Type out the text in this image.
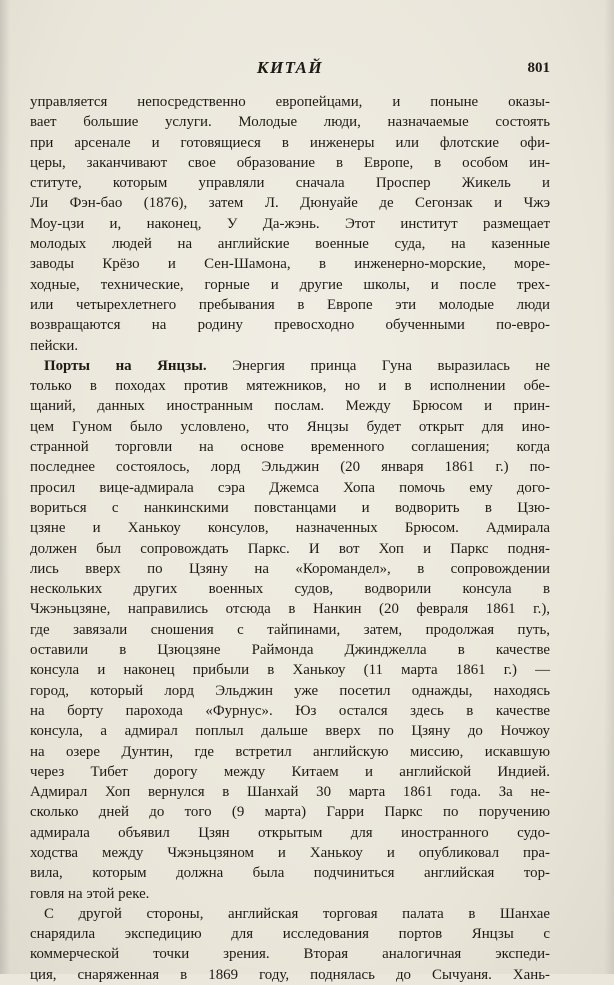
КИТАЙ	801
управляется непосредственно европейцами, и поныне оказы-
вает большие услуги. Молодые люди, назначаемые состоять
при арсенале и готовящиеся в инженеры или флотские офи-
церы, заканчивают свое образование в Европе, в особом ин-
ституте, которым управляли сначала Проспер Жикель и
Ли Фэн-бао (1876), затем Л. Дюнуайе де Сегонзак и Чжэ
Моу-цзи и, наконец, У Да-жэнь. Этот институт размещает
молодых людей на английские военные суда, на казенные
заводы Крёзо и Сен-Шамона, в инженерно-морские, море-
ходные, технические, горные и другие школы, и после трех-
или четырехлетнего пребывания в Европе эти молодые люди
возвращаются на родину превосходно обученными по-евро-
пейски.
Порты на Янцзы. Энергия принца Гуна выразилась не
только в походах против мятежников, но и в исполнении обе-
щаний, данных иностранным послам. Между Брюсом и прин-
цем Гуном было условлено, что Янцзы будет открыт для ино-
странной торговли на основе временного соглашения; когда
последнее состоялось, лорд Эльджин (20 января 1861 г.) по-
просил вице-адмирала сэра Джемса Хопа помочь ему дого-
вориться с нанкинскими повстанцами и водворить в Цзю-
цзяне и Ханькоу консулов, назначенных Брюсом. Адмирала
должен был сопровождать Паркс. И вот Хоп и Паркс подня-
лись вверх по Цзяну на «Коромандел», в сопровождении
нескольких других военных судов, водворили консула в
Чжэньцзяне, направились отсюда в Нанкин (20 февраля 1861 г.),
где завязали сношения с тайпинами, затем, продолжая путь,
оставили в Цзюцзяне Раймонда Джинджелла в качестве
консула и наконец прибыли в Ханькоу (11 марта 1861 г.) —
город, который лорд Эльджин уже посетил однажды, находясь
на борту парохода «Фурнус». Юз остался здесь в качестве
консула, а адмирал поплыл дальше вверх по Цзяну до Ночжоу
на озере Дунтин, где встретил английскую миссию, искавшую
через Тибет дорогу между Китаем и английской Индией.
Адмирал Хоп вернулся в Шанхай 30 марта 1861 года. За не-
сколько дней до того (9 марта) Гарри Паркс по поручению
адмирала объявил Цзян открытым для иностранного судо-
ходства между Чжэньцзяном и Ханькоу и опубликовал пра-
вила, которым должна была подчиниться английская тор-
говля на этой реке.
С другой стороны, английская торговая палата в Шанхае
снарядила экспедицию для исследования портов Янцзы с
коммерческой точки зрения. Вторая аналогичная экспеди-
ция, снаряженная в 1869 году, поднялась до Сычуаня. Хань-
